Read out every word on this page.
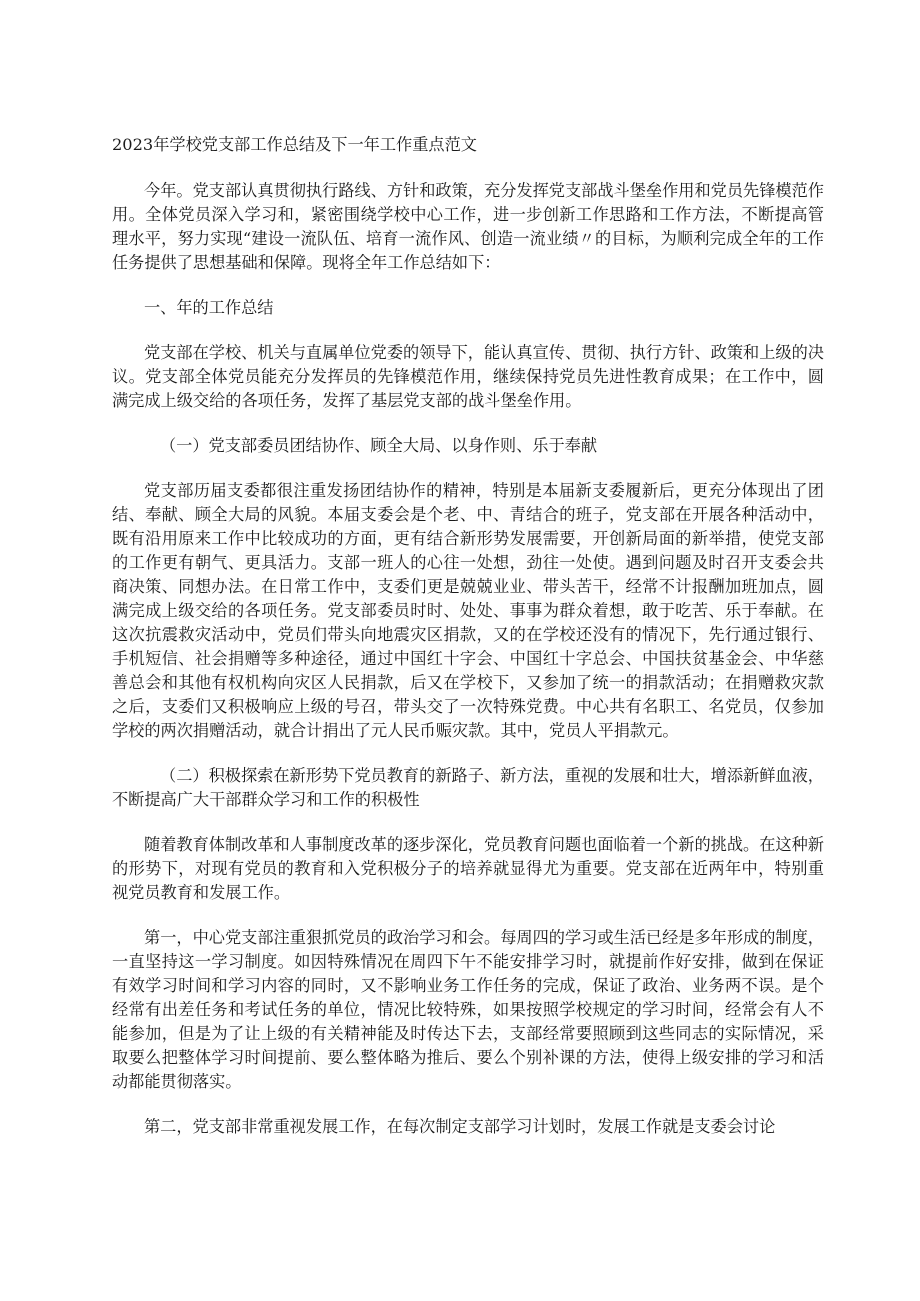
2023年学校党支部工作总结及下一年工作重点范文

今年。党支部认真贯彻执行路线、方针和政策，充分发挥党支部战斗堡垒作用和党员先锋模范作用。全体党员深入学习和，紧密围绕学校中心工作，进一步创新工作思路和工作方法，不断提高管理水平，努力实现“建设一流队伍、培育一流作风、创造一流业绩〃的目标，为顺利完成全年的工作任务提供了思想基础和保障。现将全年工作总结如下：

一、年的工作总结

党支部在学校、机关与直属单位党委的领导下，能认真宣传、贯彻、执行方针、政策和上级的决议。党支部全体党员能充分发挥员的先锋模范作用，继续保持党员先进性教育成果；在工作中，圆满完成上级交给的各项任务，发挥了基层党支部的战斗堡垒作用。

（一）党支部委员团结协作、顾全大局、以身作则、乐于奉献

党支部历届支委都很注重发扬团结协作的精神，特别是本届新支委履新后，更充分体现出了团结、奉献、顾全大局的风貌。本届支委会是个老、中、青结合的班子，党支部在开展各种活动中，既有沿用原来工作中比较成功的方面，更有结合新形势发展需要，开创新局面的新举措，使党支部的工作更有朝气、更具活力。支部一班人的心往一处想，劲往一处使。遇到问题及时召开支委会共商决策、同想办法。在日常工作中，支委们更是兢兢业业、带头苦干，经常不计报酬加班加点，圆满完成上级交给的各项任务。党支部委员时时、处处、事事为群众着想，敢于吃苦、乐于奉献。在这次抗震救灾活动中，党员们带头向地震灾区捐款，又的在学校还没有的情况下，先行通过银行、手机短信、社会捐赠等多种途径，通过中国红十字会、中国红十字总会、中国扶贫基金会、中华慈善总会和其他有权机构向灾区人民捐款，后又在学校下，又参加了统一的捐款活动；在捐赠救灾款之后，支委们又积极响应上级的号召，带头交了一次特殊党费。中心共有名职工、名党员，仅参加学校的两次捐赠活动，就合计捐出了元人民币赈灾款。其中，党员人平捐款元。

（二）积极探索在新形势下党员教育的新路子、新方法，重视的发展和壮大，增添新鲜血液，不断提高广大干部群众学习和工作的积极性

随着教育体制改革和人事制度改革的逐步深化，党员教育问题也面临着一个新的挑战。在这种新的形势下，对现有党员的教育和入党积极分子的培养就显得尤为重要。党支部在近两年中，特别重视党员教育和发展工作。

第一，中心党支部注重狠抓党员的政治学习和会。每周四的学习或生活已经是多年形成的制度，一直坚持这一学习制度。如因特殊情况在周四下午不能安排学习时，就提前作好安排，做到在保证有效学习时间和学习内容的同时，又不影响业务工作任务的完成，保证了政治、业务两不误。是个经常有出差任务和考试任务的单位，情况比较特殊，如果按照学校规定的学习时间，经常会有人不能参加，但是为了让上级的有关精神能及时传达下去，支部经常要照顾到这些同志的实际情况，采取要么把整体学习时间提前、要么整体略为推后、要么个别补课的方法，使得上级安排的学习和活动都能贯彻落实。

第二，党支部非常重视发展工作，在每次制定支部学习计划时，发展工作就是支委会讨论
